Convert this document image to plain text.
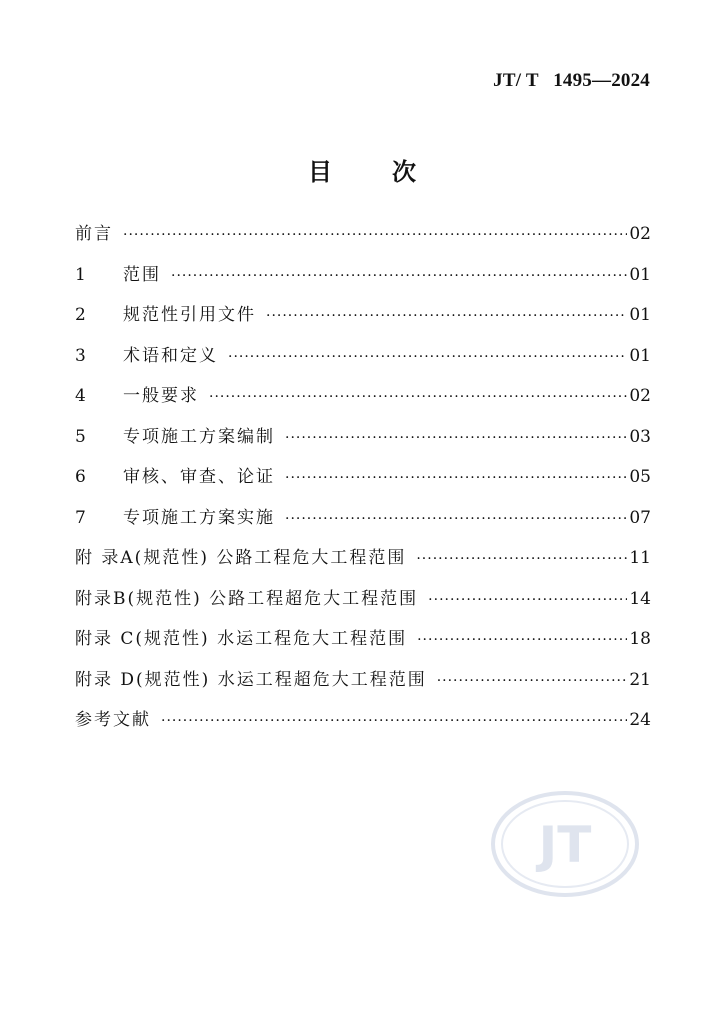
JT/ T   1495—2024
目	次
前言 ·····	02
1	范围 ·····	01
2	规范性引用文件 ·····	01
3	术语和定义 ·····	01
4	一般要求 ·····	02
5	专项施工方案编制 ·····	03
6	审核、审查、论证 ·····	05
7	专项施工方案实施 ·····	07
附 录A(规范性) 公路工程危大工程范围 ·····	11
附录B(规范性) 公路工程超危大工程范围 ·····	14
附录 C(规范性) 水运工程危大工程范围 ·····	18
附录 D(规范性) 水运工程超危大工程范围 ·····	21
参考文献 ·····	24
JT
